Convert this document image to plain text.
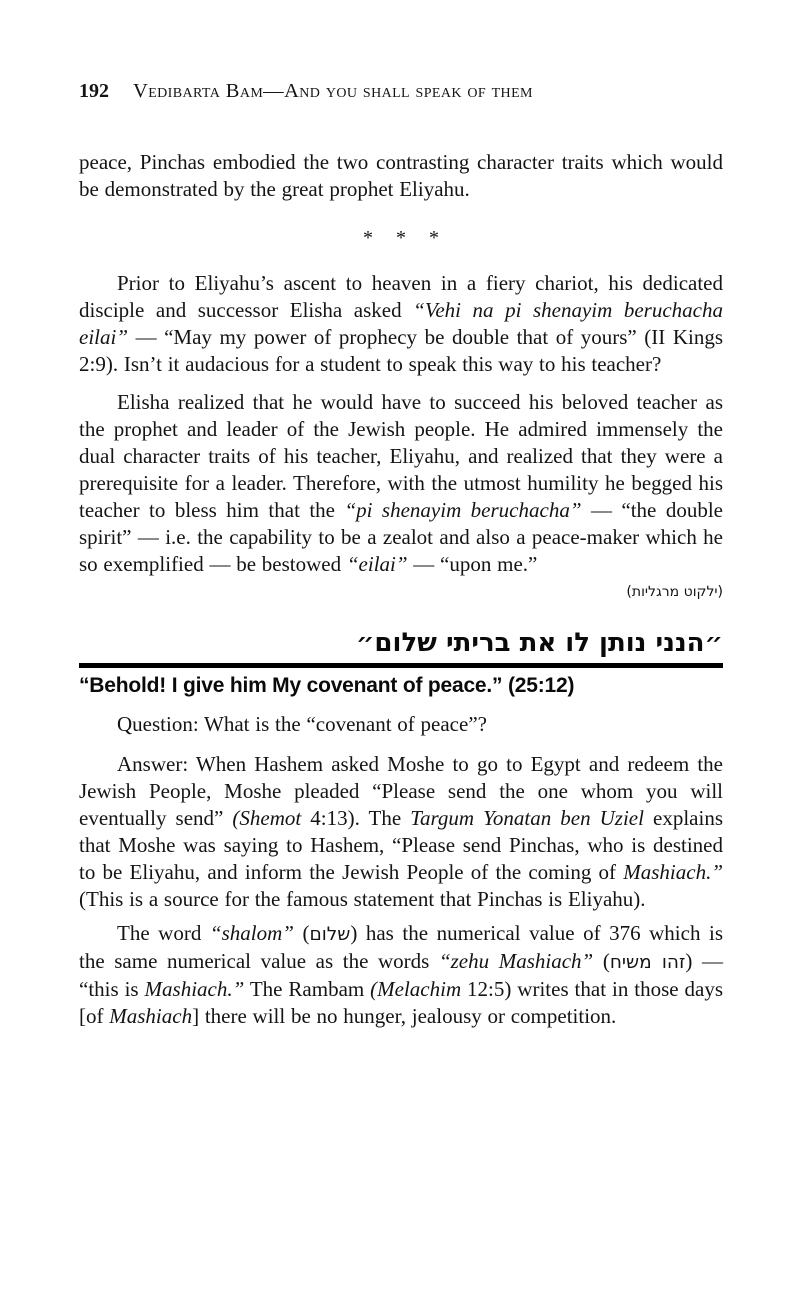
192 Vedibarta Bam—And you shall speak of them

peace, Pinchas embodied the two contrasting character traits which would be demonstrated by the great prophet Eliyahu.

* * *

Prior to Eliyahu’s ascent to heaven in a fiery chariot, his dedicated disciple and successor Elisha asked “Vehi na pi shenayim beruchacha eilai” — “May my power of prophecy be double that of yours” (II Kings 2:9). Isn’t it audacious for a student to speak this way to his teacher?

Elisha realized that he would have to succeed his beloved teacher as the prophet and leader of the Jewish people. He admired immensely the dual character traits of his teacher, Eliyahu, and realized that they were a prerequisite for a leader. Therefore, with the utmost humility he begged his teacher to bless him that the “pi shenayim beruchacha” — “the double spirit” — i.e. the capability to be a zealot and also a peace-maker which he so exemplified — be bestowed “eilai” — “upon me.”

(ילקוט מרגליות)
״הנני נותן לו את בריתי שלום״
“Behold! I give him My covenant of peace.” (25:12)

Question: What is the “covenant of peace”?

Answer: When Hashem asked Moshe to go to Egypt and redeem the Jewish People, Moshe pleaded “Please send the one whom you will eventually send” (Shemot 4:13). The Targum Yonatan ben Uziel explains that Moshe was saying to Hashem, “Please send Pinchas, who is destined to be Eliyahu, and inform the Jewish People of the coming of Mashiach.” (This is a source for the famous statement that Pinchas is Eliyahu).

The word “shalom” (שלום) has the numerical value of 376 which is the same numerical value as the words “zehu Mashiach” (זהו משיח) — “this is Mashiach.” The Rambam (Melachim 12:5) writes that in those days [of Mashiach] there will be no hunger, jealousy or competition.
